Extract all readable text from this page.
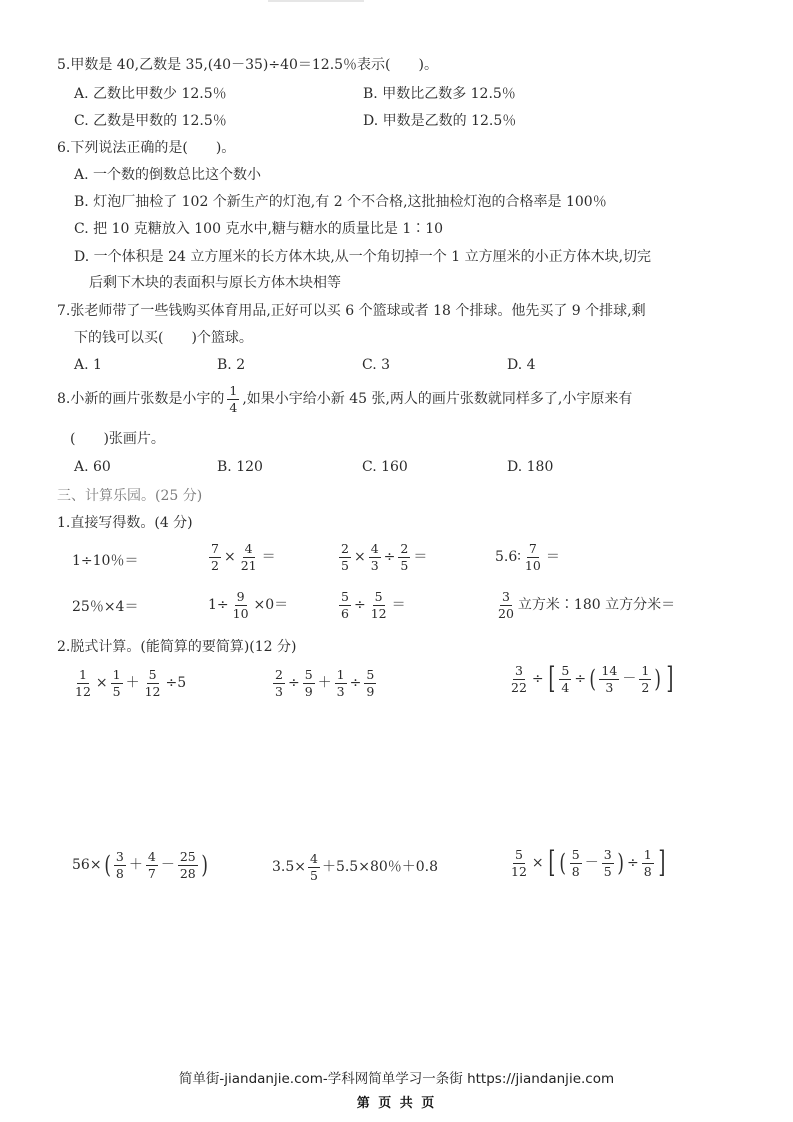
5.甲数是 40,乙数是 35,(40－35)÷40＝12.5％表示(　　)。
A. 乙数比甲数少 12.5％	B. 甲数比乙数多 12.5％
C. 乙数是甲数的 12.5％	D. 甲数是乙数的 12.5％
6.下列说法正确的是(　　)。
A. 一个数的倒数总比这个数小
B. 灯泡厂抽检了 102 个新生产的灯泡,有 2 个不合格,这批抽检灯泡的合格率是 100％
C. 把 10 克糖放入 100 克水中,糖与糖水的质量比是 1∶10
D. 一个体积是 24 立方厘米的长方体木块,从一个角切掉一个 1 立方厘米的小正方体木块,切完
后剩下木块的表面积与原长方体木块相等
7.张老师带了一些钱购买体育用品,正好可以买 6 个篮球或者 18 个排球。他先买了 9 个排球,剩
下的钱可以买(　　)个篮球。
A. 1	B. 2	C. 3	D. 4
8.小新的画片张数是小宇的 $\frac{1}{4}$ ,如果小宇给小新 45 张,两人的画片张数就同样多了,小宇原来有
(　　)张画片。
A. 60	B. 120	C. 160	D. 180
三、计算乐园。(25 分)
1.直接写得数。(4 分)
1÷10％＝	$\frac{7}{2} \times \frac{4}{21}$ ＝	$\frac{2}{5} \times \frac{4}{3} \div \frac{2}{5}$ ＝	5.6∶ $\frac{7}{10}$ ＝
25％×4＝	$1\div \frac{9}{10} \times 0=$	$\frac{5}{6} \div \frac{5}{12}$ ＝	$\frac{3}{20}$ 立方米∶180 立方分米＝
2.脱式计算。(能简算的要简算)(12 分)
$\frac{1}{12} \times \frac{1}{5} + \frac{5}{12} \div 5$	$\frac{2}{3} \div \frac{5}{9} + \frac{1}{3} \div \frac{5}{9}$	$\frac{3}{22}$ ÷ [ $\frac{5}{4}$ ÷ ( $\frac{14}{3} - \frac{1}{2}$ ) ]
56× ( $\frac{3}{8} + \frac{4}{7} - \frac{25}{28}$ )	$3.5\times \frac{4}{5} +5.5\times 80$％＋0.8	$\frac{5}{12}$ × [ ( $\frac{5}{8} - \frac{3}{5}$ ) ÷ $\frac{1}{8}$ ]
简单街-jiandanjie.com-学科网简单学习一条街 https://jiandanjie.com
第 页 共 页
